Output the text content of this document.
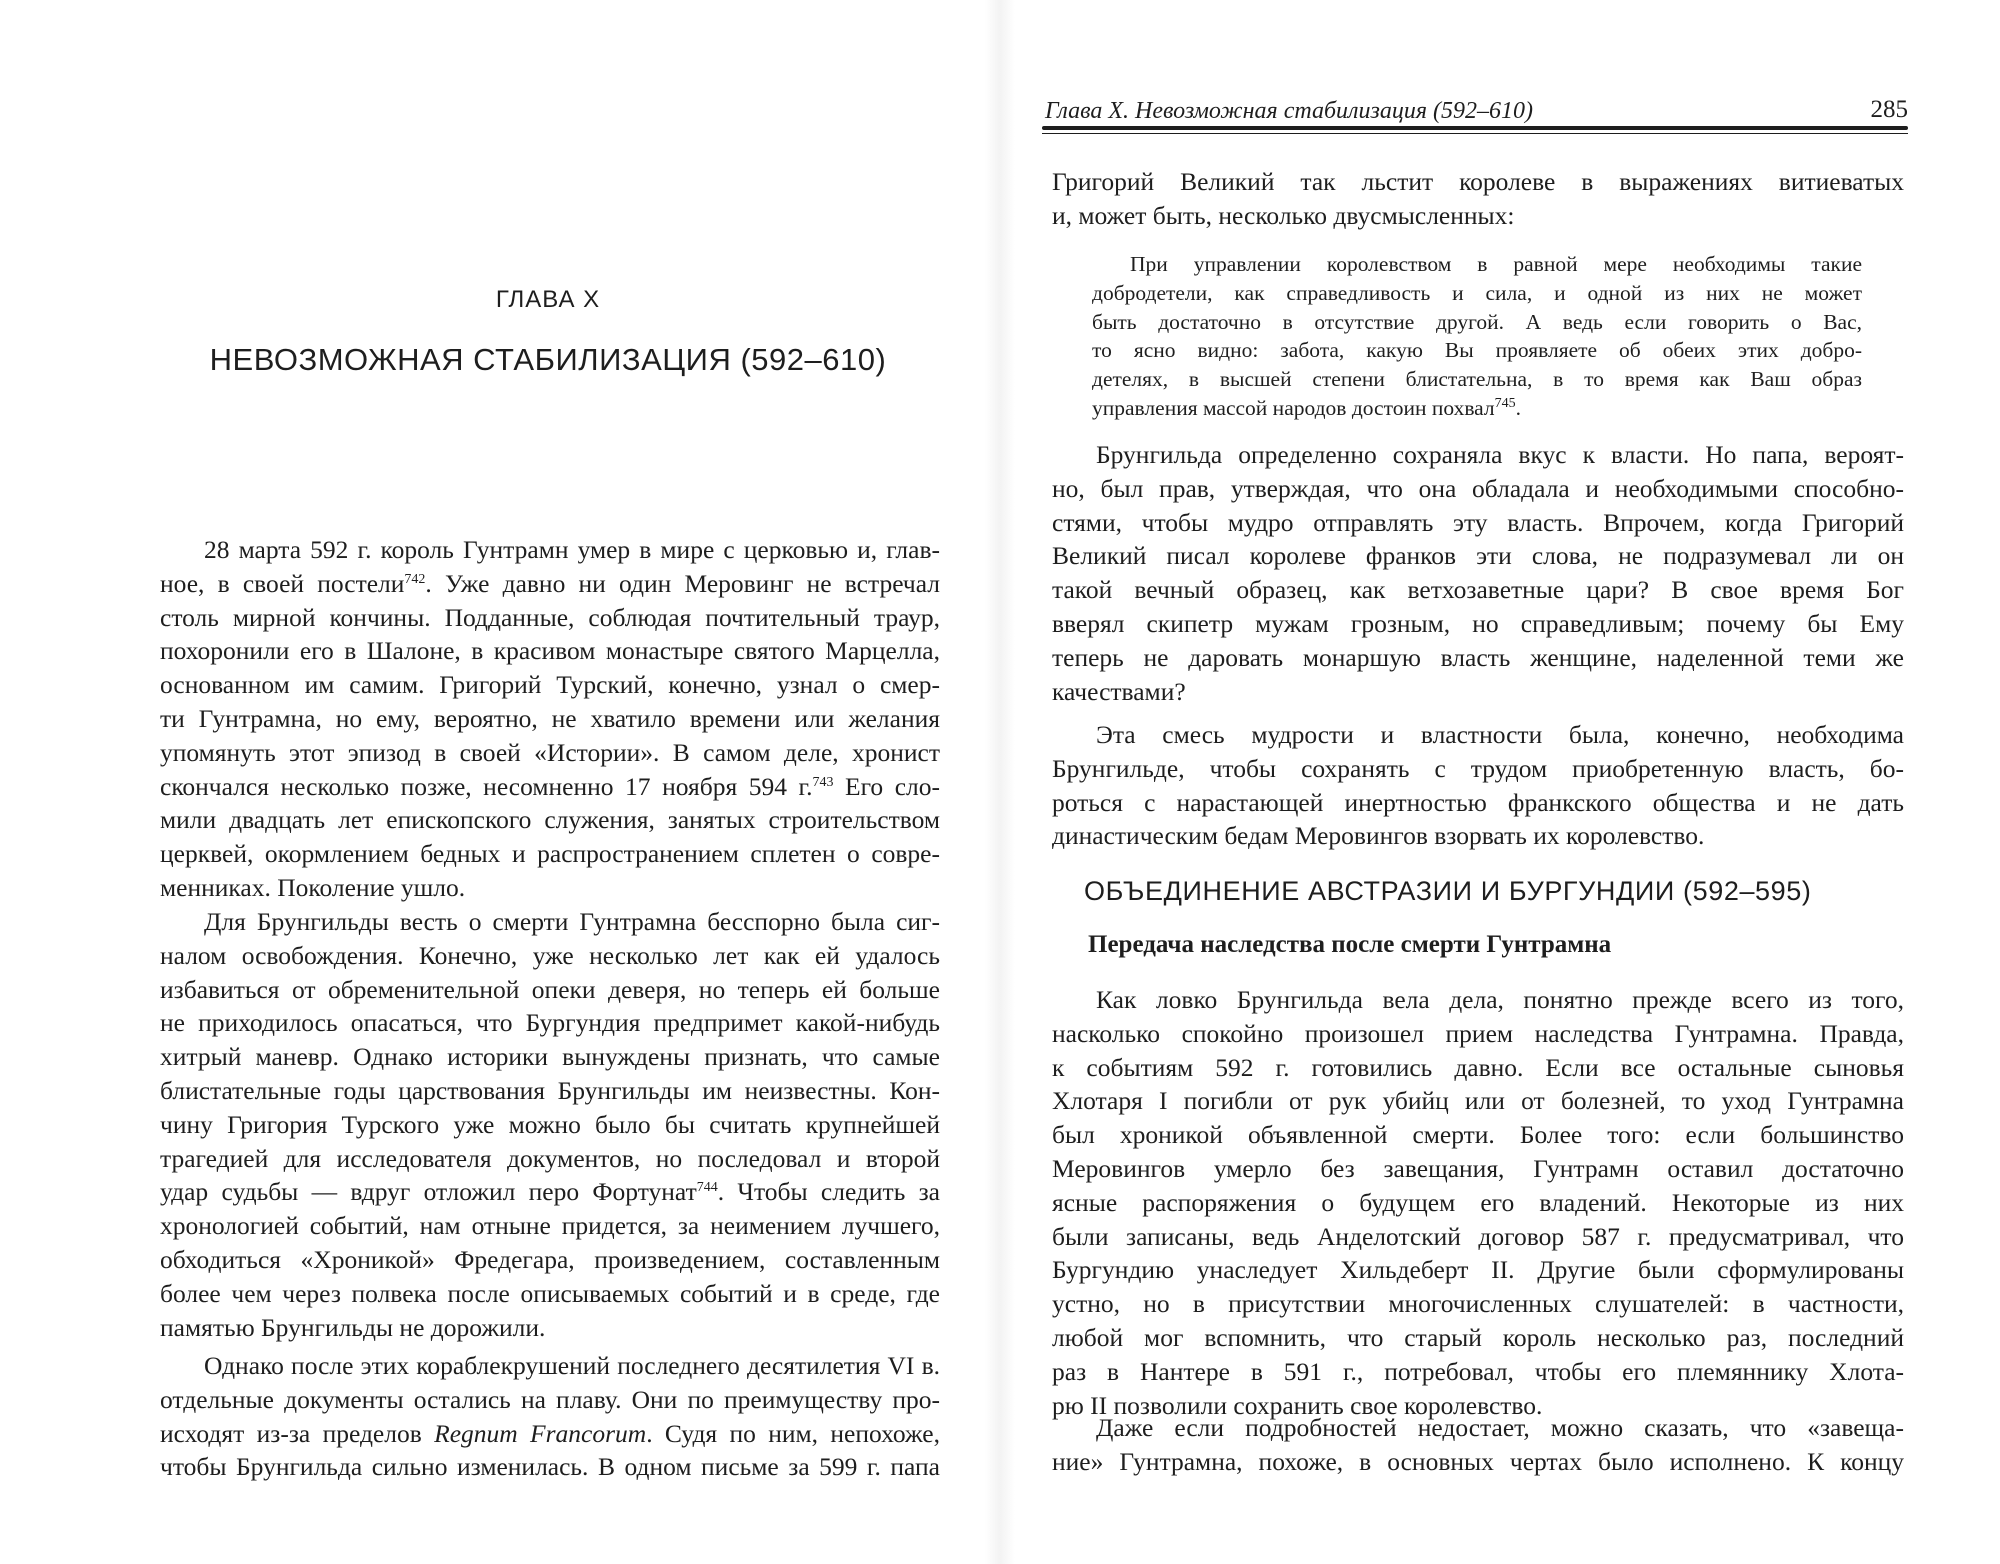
ГЛАВА X
НЕВОЗМОЖНАЯ СТАБИЛИЗАЦИЯ (592–610)
28 марта 592 г. король Гунтрамн умер в мире с церковью и, глав-
ное, в своей постели$^{742}$. Уже давно ни один Меровинг не встречал
столь мирной кончины. Подданные, соблюдая почтительный траур,
похоронили его в Шалоне, в красивом монастыре святого Марцелла,
основанном им самим. Григорий Турский, конечно, узнал о смер-
ти Гунтрамна, но ему, вероятно, не хватило времени или желания
упомянуть этот эпизод в своей «Истории». В самом деле, хронист
скончался несколько позже, несомненно 17 ноября 594 г.$^{743}$ Его сло-
мили двадцать лет епископского служения, занятых строительством
церквей, окормлением бедных и распространением сплетен о совре-
менниках. Поколение ушло.
Для Брунгильды весть о смерти Гунтрамна бесспорно была сиг-
налом освобождения. Конечно, уже несколько лет как ей удалось
избавиться от обременительной опеки деверя, но теперь ей больше
не приходилось опасаться, что Бургундия предпримет какой-нибудь
хитрый маневр. Однако историки вынуждены признать, что самые
блистательные годы царствования Брунгильды им неизвестны. Кон-
чину Григория Турского уже можно было бы считать крупнейшей
трагедией для исследователя документов, но последовал и второй
удар судьбы — вдруг отложил перо Фортунат$^{744}$. Чтобы следить за
хронологией событий, нам отныне придется, за неимением лучшего,
обходиться «Хроникой» Фредегара, произведением, составленным
более чем через полвека после описываемых событий и в среде, где
памятью Брунгильды не дорожили.
Однако после этих кораблекрушений последнего десятилетия VI в.
отдельные документы остались на плаву. Они по преимуществу про-
исходят из-за пределов Regnum Francorum. Судя по ним, непохоже,
чтобы Брунгильда сильно изменилась. В одном письме за 599 г. папа
Глава X. Невозможная стабилизация (592–610)	285
Григорий Великий так льстит королеве в выражениях витиеватых
и, может быть, несколько двусмысленных:
При управлении королевством в равной мере необходимы такие
добродетели, как справедливость и сила, и одной из них не может
быть достаточно в отсутствие другой. А ведь если говорить о Вас,
то ясно видно: забота, какую Вы проявляете об обеих этих добро-
детелях, в высшей степени блистательна, в то время как Ваш образ
управления массой народов достоин похвал$^{745}$.
Брунгильда определенно сохраняла вкус к власти. Но папа, вероят-
но, был прав, утверждая, что она обладала и необходимыми способно-
стями, чтобы мудро отправлять эту власть. Впрочем, когда Григорий
Великий писал королеве франков эти слова, не подразумевал ли он
такой вечный образец, как ветхозаветные цари? В свое время Бог
вверял скипетр мужам грозным, но справедливым; почему бы Ему
теперь не даровать монаршую власть женщине, наделенной теми же
качествами?
Эта смесь мудрости и властности была, конечно, необходима
Брунгильде, чтобы сохранять с трудом приобретенную власть, бо-
роться с нарастающей инертностью франкского общества и не дать
династическим бедам Меровингов взорвать их королевство.
ОБЪЕДИНЕНИЕ АВСТРАЗИИ И БУРГУНДИИ (592–595)
Передача наследства после смерти Гунтрамна
Как ловко Брунгильда вела дела, понятно прежде всего из того,
насколько спокойно произошел прием наследства Гунтрамна. Правда,
к событиям 592 г. готовились давно. Если все остальные сыновья
Хлотаря I погибли от рук убийц или от болезней, то уход Гунтрамна
был хроникой объявленной смерти. Более того: если большинство
Меровингов умерло без завещания, Гунтрамн оставил достаточно
ясные распоряжения о будущем его владений. Некоторые из них
были записаны, ведь Анделотский договор 587 г. предусматривал, что
Бургундию унаследует Хильдеберт II. Другие были сформулированы
устно, но в присутствии многочисленных слушателей: в частности,
любой мог вспомнить, что старый король несколько раз, последний
раз в Нантере в 591 г., потребовал, чтобы его племяннику Хлота-
рю II позволили сохранить свое королевство.
Даже если подробностей недостает, можно сказать, что «завеща-
ние» Гунтрамна, похоже, в основных чертах было исполнено. К концу
